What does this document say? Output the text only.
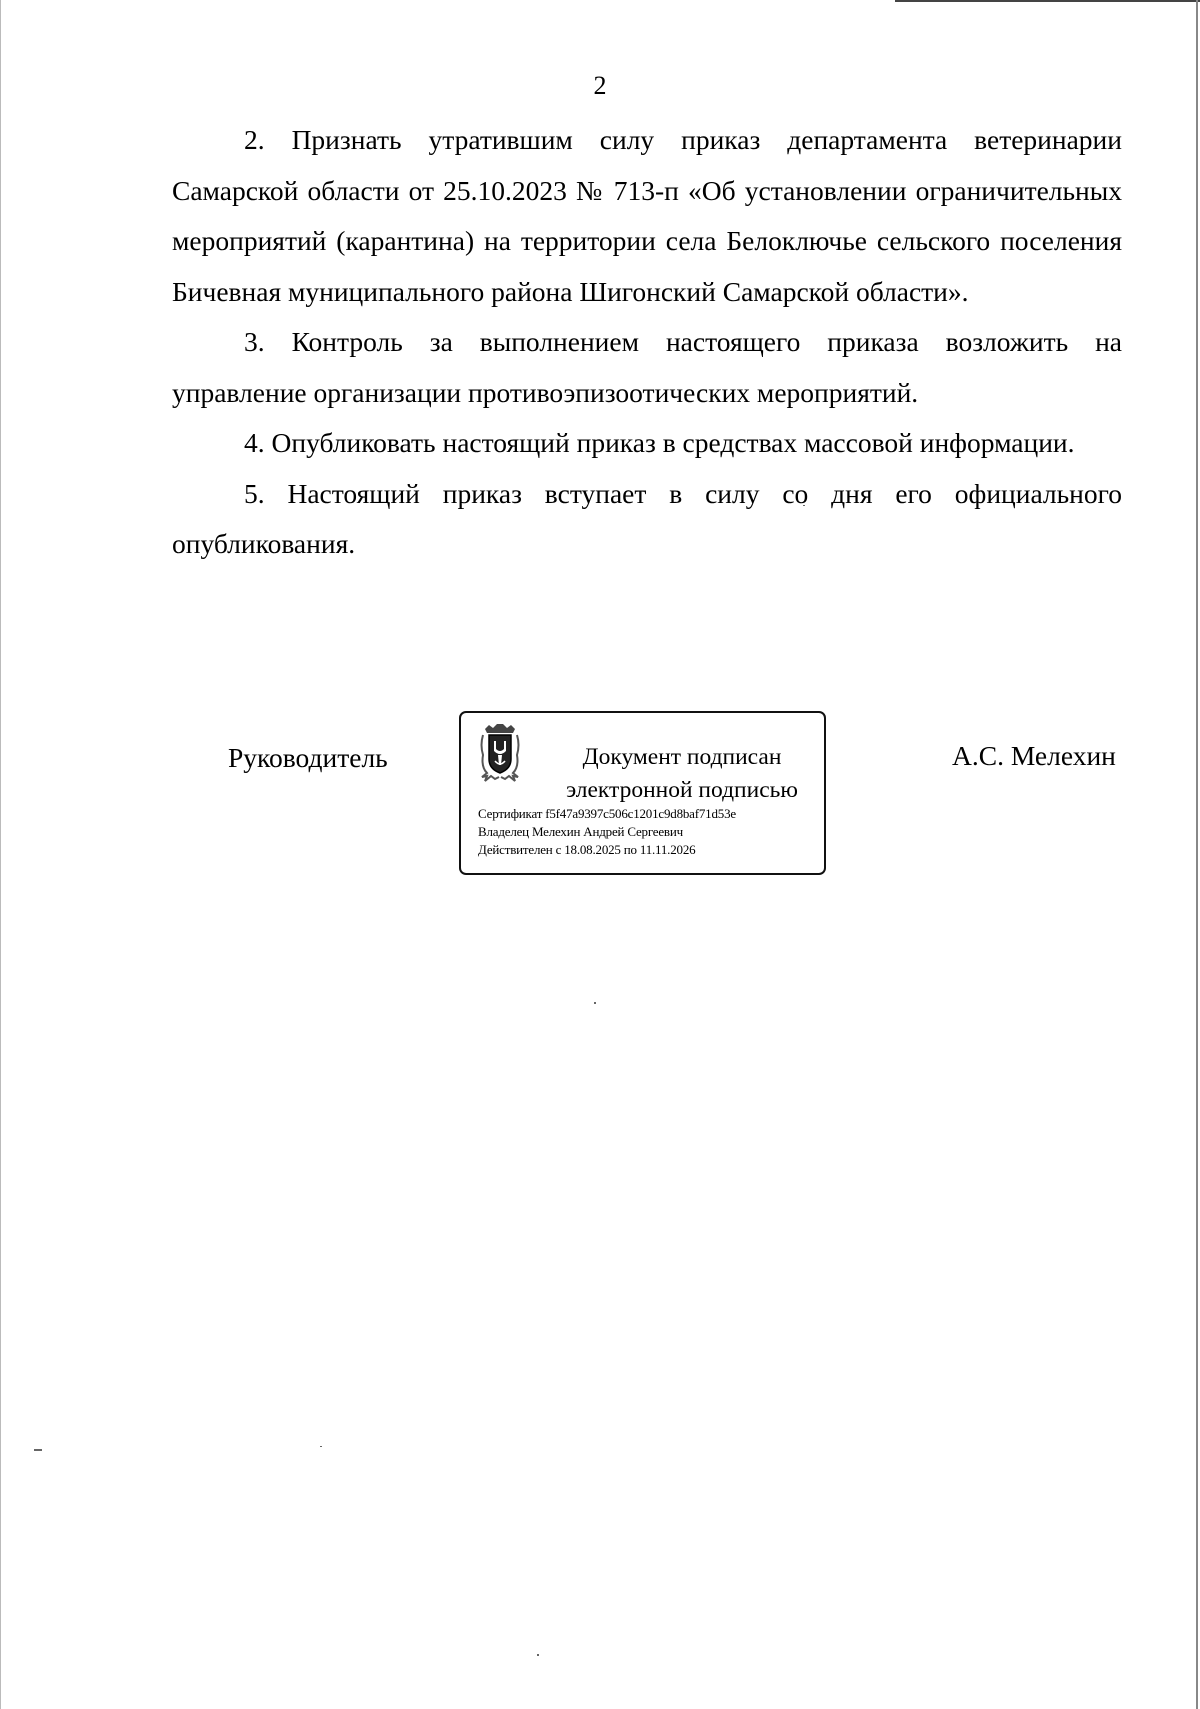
2

2. Признать утратившим силу приказ департамента ветеринарии Самарской области от 25.10.2023 № 713-п «Об установлении ограничительных мероприятий (карантина) на территории села Белоключье сельского поселения Бичевная муниципального района Шигонский Самарской области».

3. Контроль за выполнением настоящего приказа возложить на управление организации противоэпизоотических мероприятий.

4. Опубликовать настоящий приказ в средствах массовой информации.

5. Настоящий приказ вступает в силу со дня его официального опубликования.

Руководитель	Документ подписан
электронной подписью
Сертификат f5f47a9397c506c1201c9d8baf71d53e
Владелец Мелехин Андрей Сергеевич
Действителен с 18.08.2025 по 11.11.2026
А.С. Мелехин
